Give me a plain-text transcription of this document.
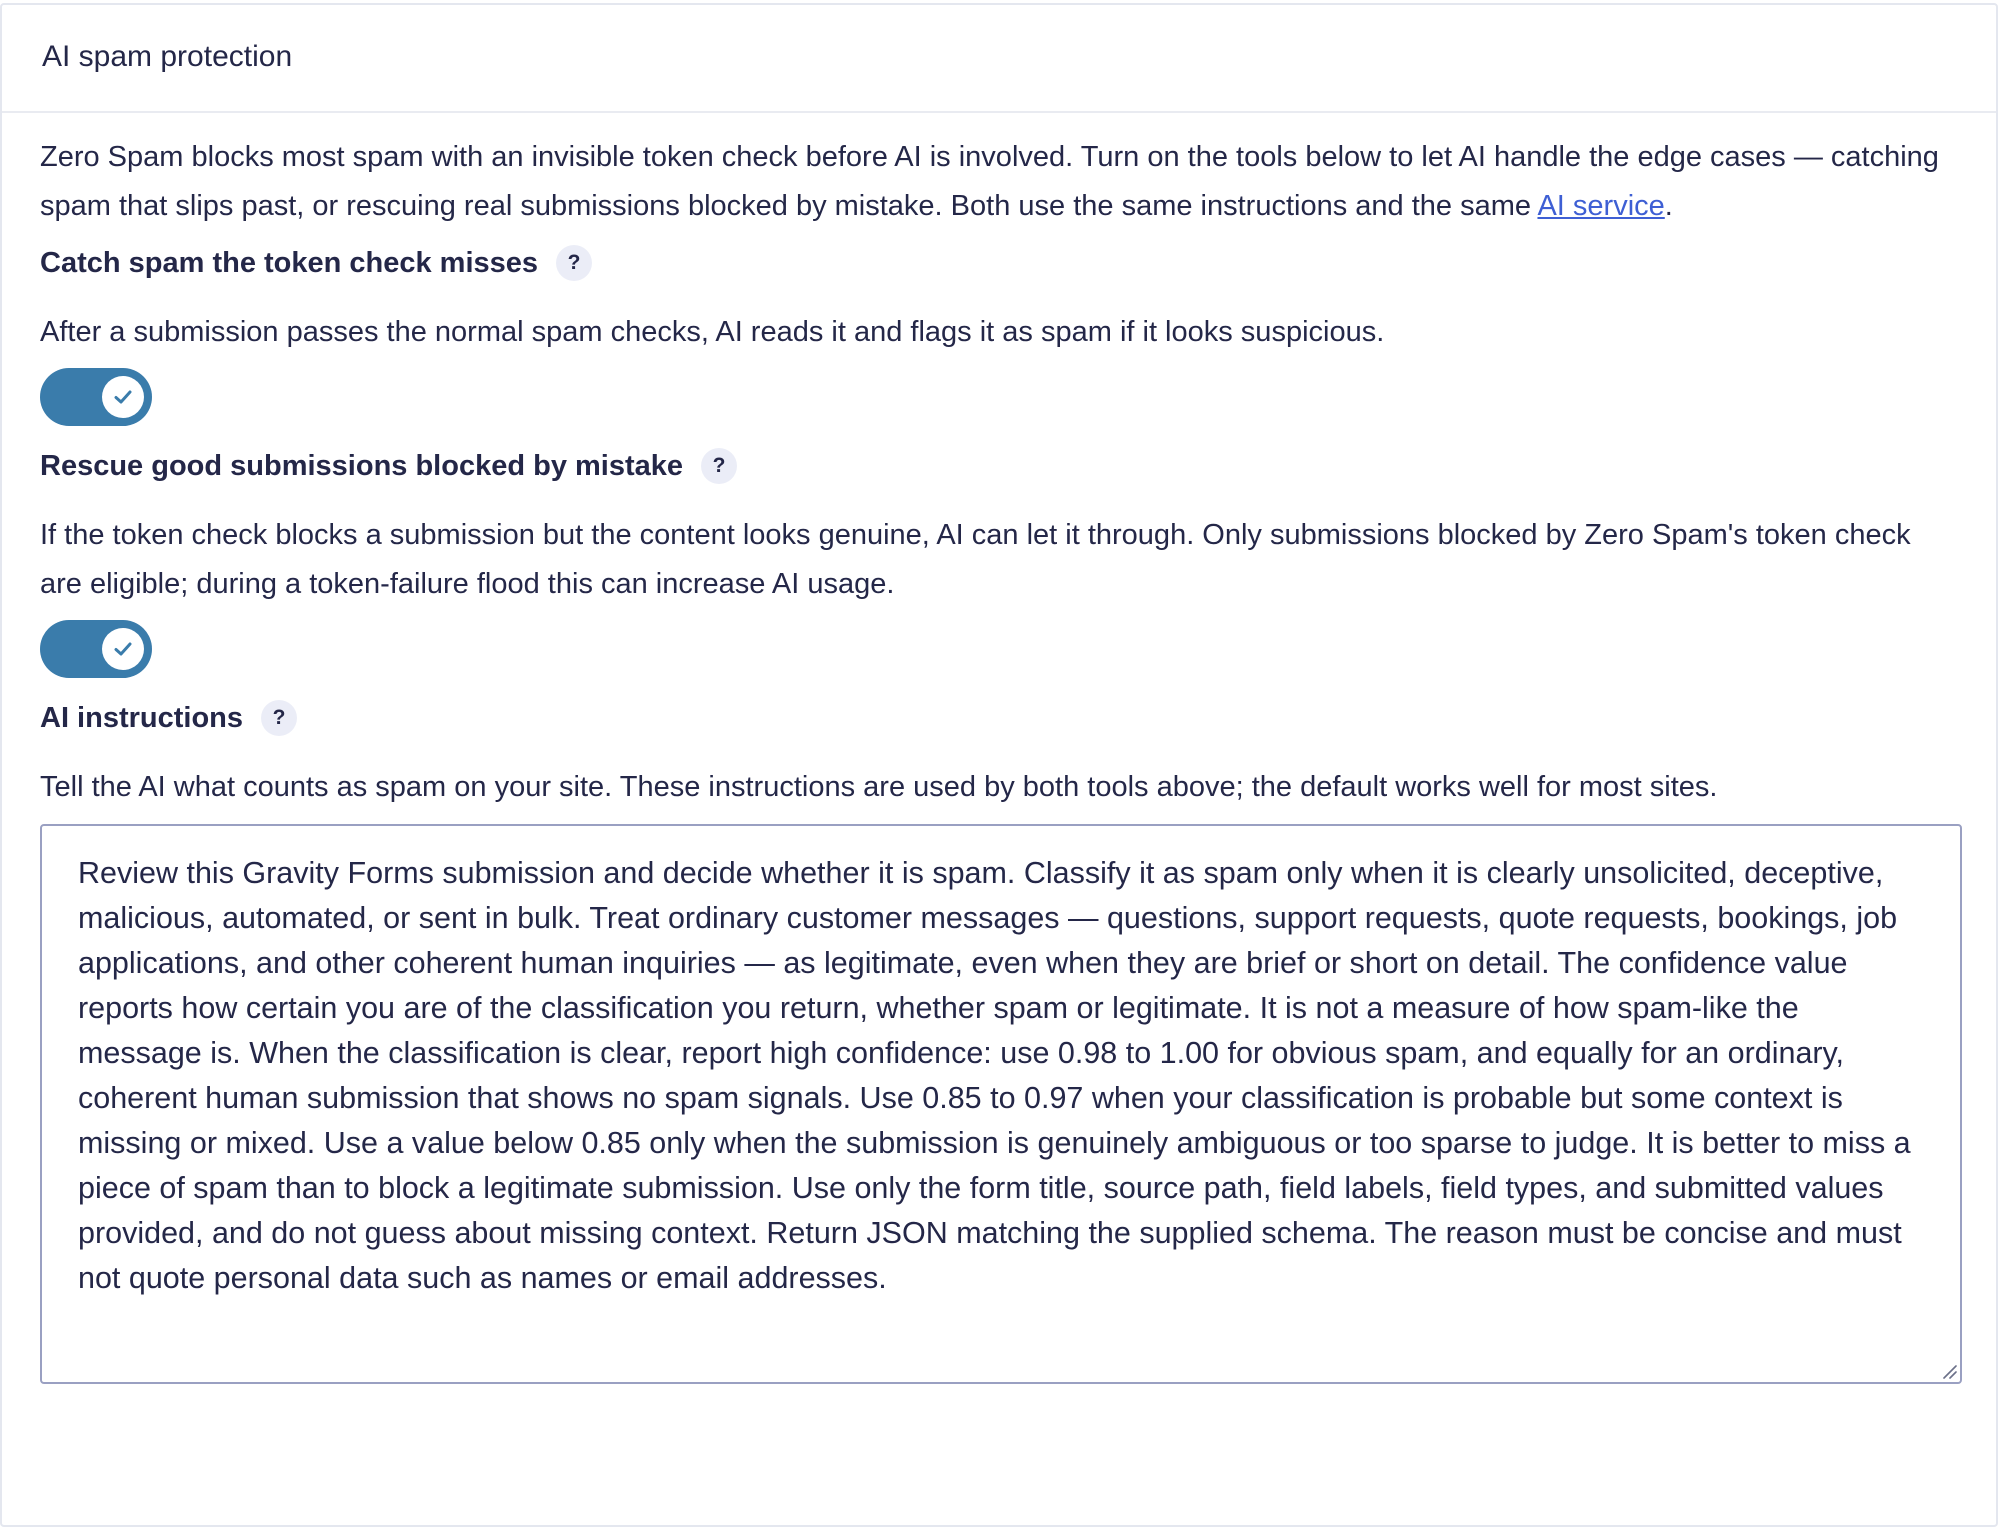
AI spam protection

Zero Spam blocks most spam with an invisible token check before AI is involved. Turn on the tools below to let AI handle the edge cases — catching spam that slips past, or rescuing real submissions blocked by mistake. Both use the same instructions and the same AI service.

Catch spam the token check misses	?

After a submission passes the normal spam checks, AI reads it and flags it as spam if it looks suspicious.

Rescue good submissions blocked by mistake	?

If the token check blocks a submission but the content looks genuine, AI can let it through. Only submissions blocked by Zero Spam's token check are eligible; during a token-failure flood this can increase AI usage.

AI instructions	?

Tell the AI what counts as spam on your site. These instructions are used by both tools above; the default works well for most sites.

Review this Gravity Forms submission and decide whether it is spam. Classify it as spam only when it is clearly unsolicited, deceptive, malicious, automated, or sent in bulk. Treat ordinary customer messages — questions, support requests, quote requests, bookings, job applications, and other coherent human inquiries — as legitimate, even when they are brief or short on detail. The confidence value reports how certain you are of the classification you return, whether spam or legitimate. It is not a measure of how spam-like the message is. When the classification is clear, report high confidence: use 0.98 to 1.00 for obvious spam, and equally for an ordinary, coherent human submission that shows no spam signals. Use 0.85 to 0.97 when your classification is probable but some context is missing or mixed. Use a value below 0.85 only when the submission is genuinely ambiguous or too sparse to judge. It is better to miss a piece of spam than to block a legitimate submission. Use only the form title, source path, field labels, field types, and submitted values provided, and do not guess about missing context. Return JSON matching the supplied schema. The reason must be concise and must not quote personal data such as names or email addresses.
